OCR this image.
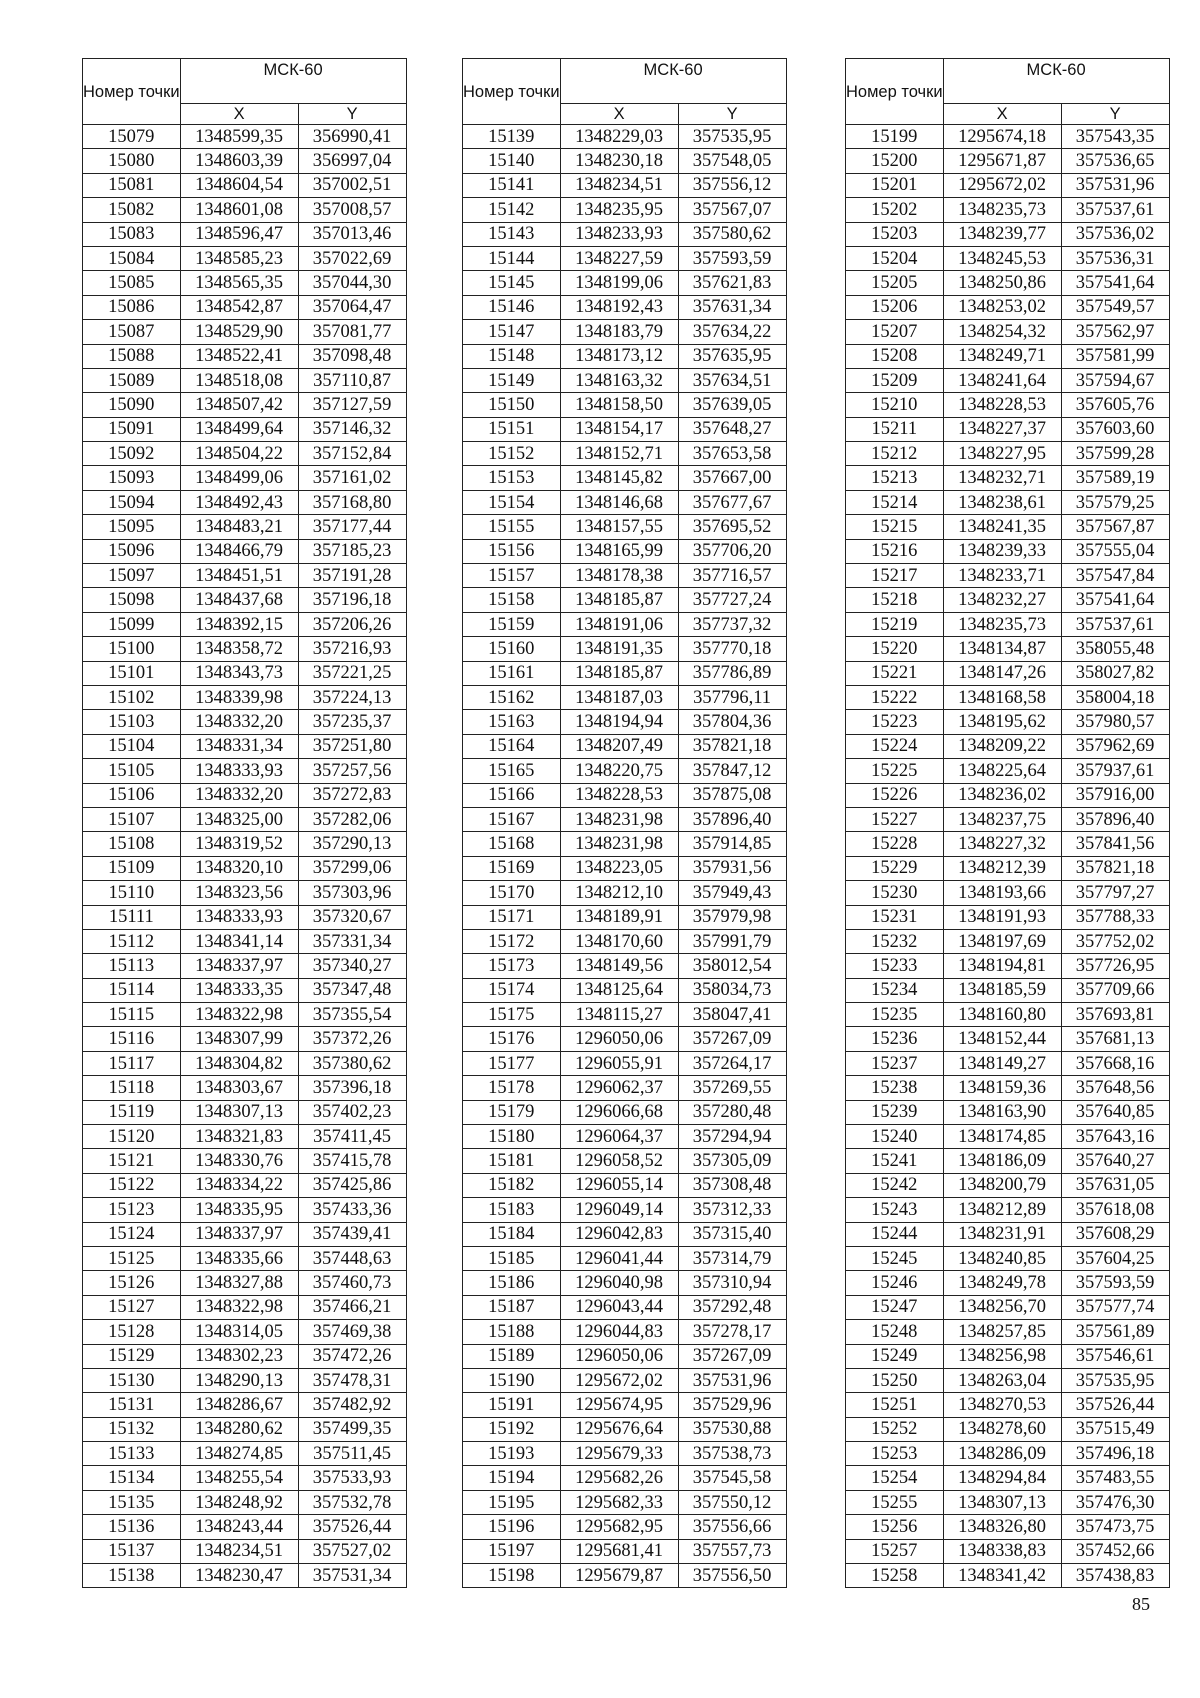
Номер точки	МСК-60	
	X	Y
15079	1348599,35	356990,41
15080	1348603,39	356997,04
15081	1348604,54	357002,51
15082	1348601,08	357008,57
15083	1348596,47	357013,46
15084	1348585,23	357022,69
15085	1348565,35	357044,30
15086	1348542,87	357064,47
15087	1348529,90	357081,77
15088	1348522,41	357098,48
15089	1348518,08	357110,87
15090	1348507,42	357127,59
15091	1348499,64	357146,32
15092	1348504,22	357152,84
15093	1348499,06	357161,02
15094	1348492,43	357168,80
15095	1348483,21	357177,44
15096	1348466,79	357185,23
15097	1348451,51	357191,28
15098	1348437,68	357196,18
15099	1348392,15	357206,26
15100	1348358,72	357216,93
15101	1348343,73	357221,25
15102	1348339,98	357224,13
15103	1348332,20	357235,37
15104	1348331,34	357251,80
15105	1348333,93	357257,56
15106	1348332,20	357272,83
15107	1348325,00	357282,06
15108	1348319,52	357290,13
15109	1348320,10	357299,06
15110	1348323,56	357303,96
15111	1348333,93	357320,67
15112	1348341,14	357331,34
15113	1348337,97	357340,27
15114	1348333,35	357347,48
15115	1348322,98	357355,54
15116	1348307,99	357372,26
15117	1348304,82	357380,62
15118	1348303,67	357396,18
15119	1348307,13	357402,23
15120	1348321,83	357411,45
15121	1348330,76	357415,78
15122	1348334,22	357425,86
15123	1348335,95	357433,36
15124	1348337,97	357439,41
15125	1348335,66	357448,63
15126	1348327,88	357460,73
15127	1348322,98	357466,21
15128	1348314,05	357469,38
15129	1348302,23	357472,26
15130	1348290,13	357478,31
15131	1348286,67	357482,92
15132	1348280,62	357499,35
15133	1348274,85	357511,45
15134	1348255,54	357533,93
15135	1348248,92	357532,78
15136	1348243,44	357526,44
15137	1348234,51	357527,02
15138	1348230,47	357531,34
Номер точки	МСК-60	
	X	Y
15139	1348229,03	357535,95
15140	1348230,18	357548,05
15141	1348234,51	357556,12
15142	1348235,95	357567,07
15143	1348233,93	357580,62
15144	1348227,59	357593,59
15145	1348199,06	357621,83
15146	1348192,43	357631,34
15147	1348183,79	357634,22
15148	1348173,12	357635,95
15149	1348163,32	357634,51
15150	1348158,50	357639,05
15151	1348154,17	357648,27
15152	1348152,71	357653,58
15153	1348145,82	357667,00
15154	1348146,68	357677,67
15155	1348157,55	357695,52
15156	1348165,99	357706,20
15157	1348178,38	357716,57
15158	1348185,87	357727,24
15159	1348191,06	357737,32
15160	1348191,35	357770,18
15161	1348185,87	357786,89
15162	1348187,03	357796,11
15163	1348194,94	357804,36
15164	1348207,49	357821,18
15165	1348220,75	357847,12
15166	1348228,53	357875,08
15167	1348231,98	357896,40
15168	1348231,98	357914,85
15169	1348223,05	357931,56
15170	1348212,10	357949,43
15171	1348189,91	357979,98
15172	1348170,60	357991,79
15173	1348149,56	358012,54
15174	1348125,64	358034,73
15175	1348115,27	358047,41
15176	1296050,06	357267,09
15177	1296055,91	357264,17
15178	1296062,37	357269,55
15179	1296066,68	357280,48
15180	1296064,37	357294,94
15181	1296058,52	357305,09
15182	1296055,14	357308,48
15183	1296049,14	357312,33
15184	1296042,83	357315,40
15185	1296041,44	357314,79
15186	1296040,98	357310,94
15187	1296043,44	357292,48
15188	1296044,83	357278,17
15189	1296050,06	357267,09
15190	1295672,02	357531,96
15191	1295674,95	357529,96
15192	1295676,64	357530,88
15193	1295679,33	357538,73
15194	1295682,26	357545,58
15195	1295682,33	357550,12
15196	1295682,95	357556,66
15197	1295681,41	357557,73
15198	1295679,87	357556,50
Номер точки	МСК-60	
	X	Y
15199	1295674,18	357543,35
15200	1295671,87	357536,65
15201	1295672,02	357531,96
15202	1348235,73	357537,61
15203	1348239,77	357536,02
15204	1348245,53	357536,31
15205	1348250,86	357541,64
15206	1348253,02	357549,57
15207	1348254,32	357562,97
15208	1348249,71	357581,99
15209	1348241,64	357594,67
15210	1348228,53	357605,76
15211	1348227,37	357603,60
15212	1348227,95	357599,28
15213	1348232,71	357589,19
15214	1348238,61	357579,25
15215	1348241,35	357567,87
15216	1348239,33	357555,04
15217	1348233,71	357547,84
15218	1348232,27	357541,64
15219	1348235,73	357537,61
15220	1348134,87	358055,48
15221	1348147,26	358027,82
15222	1348168,58	358004,18
15223	1348195,62	357980,57
15224	1348209,22	357962,69
15225	1348225,64	357937,61
15226	1348236,02	357916,00
15227	1348237,75	357896,40
15228	1348227,32	357841,56
15229	1348212,39	357821,18
15230	1348193,66	357797,27
15231	1348191,93	357788,33
15232	1348197,69	357752,02
15233	1348194,81	357726,95
15234	1348185,59	357709,66
15235	1348160,80	357693,81
15236	1348152,44	357681,13
15237	1348149,27	357668,16
15238	1348159,36	357648,56
15239	1348163,90	357640,85
15240	1348174,85	357643,16
15241	1348186,09	357640,27
15242	1348200,79	357631,05
15243	1348212,89	357618,08
15244	1348231,91	357608,29
15245	1348240,85	357604,25
15246	1348249,78	357593,59
15247	1348256,70	357577,74
15248	1348257,85	357561,89
15249	1348256,98	357546,61
15250	1348263,04	357535,95
15251	1348270,53	357526,44
15252	1348278,60	357515,49
15253	1348286,09	357496,18
15254	1348294,84	357483,55
15255	1348307,13	357476,30
15256	1348326,80	357473,75
15257	1348338,83	357452,66
15258	1348341,42	357438,83
85
